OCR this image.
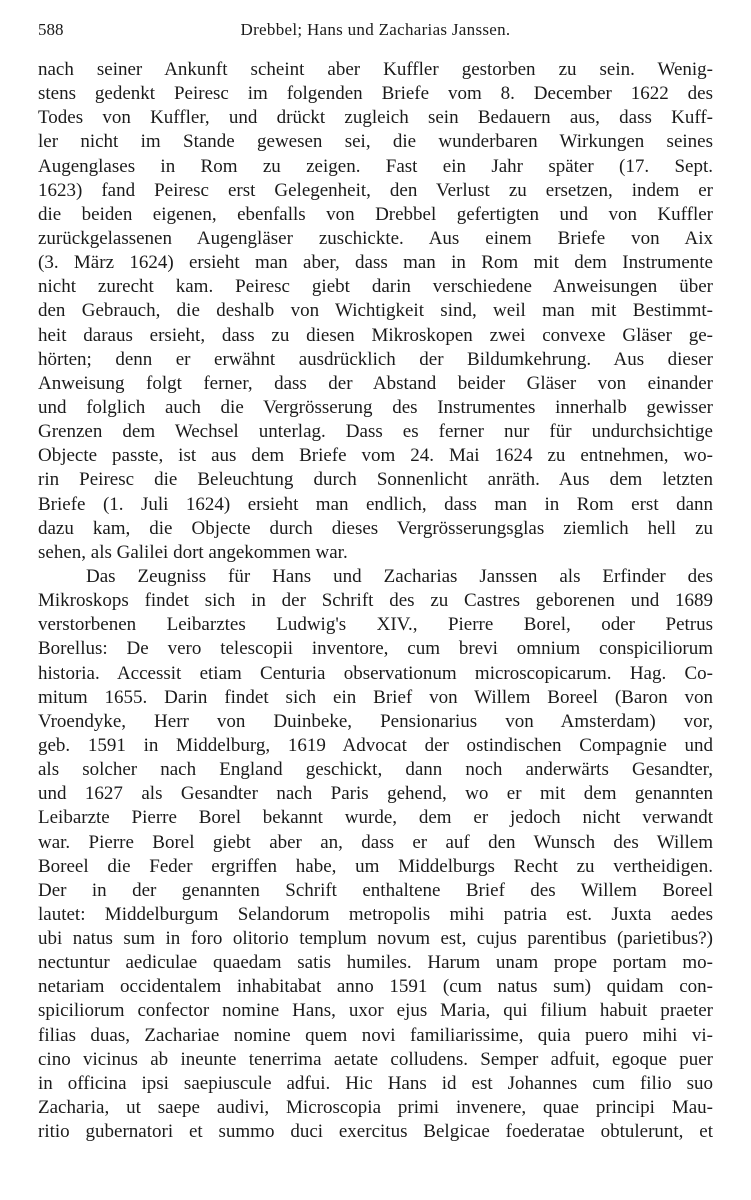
588	Drebbel; Hans und Zacharias Janssen.
nach seiner Ankunft scheint aber Kuffler gestorben zu sein. Wenig-
stens gedenkt Peiresc im folgenden Briefe vom 8. December 1622 des
Todes von Kuffler, und drückt zugleich sein Bedauern aus, dass Kuff-
ler nicht im Stande gewesen sei, die wunderbaren Wirkungen seines
Augenglases in Rom zu zeigen. Fast ein Jahr später (17. Sept.
1623) fand Peiresc erst Gelegenheit, den Verlust zu ersetzen, indem er
die beiden eigenen, ebenfalls von Drebbel gefertigten und von Kuffler
zurückgelassenen Augengläser zuschickte. Aus einem Briefe von Aix
(3. März 1624) ersieht man aber, dass man in Rom mit dem Instrumente
nicht zurecht kam. Peiresc giebt darin verschiedene Anweisungen über
den Gebrauch, die deshalb von Wichtigkeit sind, weil man mit Bestimmt-
heit daraus ersieht, dass zu diesen Mikroskopen zwei convexe Gläser ge-
hörten; denn er erwähnt ausdrücklich der Bildumkehrung. Aus dieser
Anweisung folgt ferner, dass der Abstand beider Gläser von einander
und folglich auch die Vergrösserung des Instrumentes innerhalb gewisser
Grenzen dem Wechsel unterlag. Dass es ferner nur für undurchsichtige
Objecte passte, ist aus dem Briefe vom 24. Mai 1624 zu entnehmen, wo-
rin Peiresc die Beleuchtung durch Sonnenlicht anräth. Aus dem letzten
Briefe (1. Juli 1624) ersieht man endlich, dass man in Rom erst dann
dazu kam, die Objecte durch dieses Vergrösserungsglas ziemlich hell zu
sehen, als Galilei dort angekommen war.
Das Zeugniss für Hans und Zacharias Janssen als Erfinder des
Mikroskops findet sich in der Schrift des zu Castres geborenen und 1689
verstorbenen Leibarztes Ludwig's XIV., Pierre Borel, oder Petrus
Borellus: De vero telescopii inventore, cum brevi omnium conspiciliorum
historia. Accessit etiam Centuria observationum microscopicarum. Hag. Co-
mitum 1655. Darin findet sich ein Brief von Willem Boreel (Baron von
Vroendyke, Herr von Duinbeke, Pensionarius von Amsterdam) vor,
geb. 1591 in Middelburg, 1619 Advocat der ostindischen Compagnie und
als solcher nach England geschickt, dann noch anderwärts Gesandter,
und 1627 als Gesandter nach Paris gehend, wo er mit dem genannten
Leibarzte Pierre Borel bekannt wurde, dem er jedoch nicht verwandt
war. Pierre Borel giebt aber an, dass er auf den Wunsch des Willem
Boreel die Feder ergriffen habe, um Middelburgs Recht zu vertheidigen.
Der in der genannten Schrift enthaltene Brief des Willem Boreel
lautet: Middelburgum Selandorum metropolis mihi patria est. Juxta aedes
ubi natus sum in foro olitorio templum novum est, cujus parentibus (parietibus?)
nectuntur aediculae quaedam satis humiles. Harum unam prope portam mo-
netariam occidentalem inhabitabat anno 1591 (cum natus sum) quidam con-
spiciliorum confector nomine Hans, uxor ejus Maria, qui filium habuit praeter
filias duas, Zachariae nomine quem novi familiarissime, quia puero mihi vi-
cino vicinus ab ineunte tenerrima aetate colludens. Semper adfuit, egoque puer
in officina ipsi saepiuscule adfui. Hic Hans id est Johannes cum filio suo
Zacharia, ut saepe audivi, Microscopia primi invenere, quae principi Mau-
ritio gubernatori et summo duci exercitus Belgicae foederatae obtulerunt, et
